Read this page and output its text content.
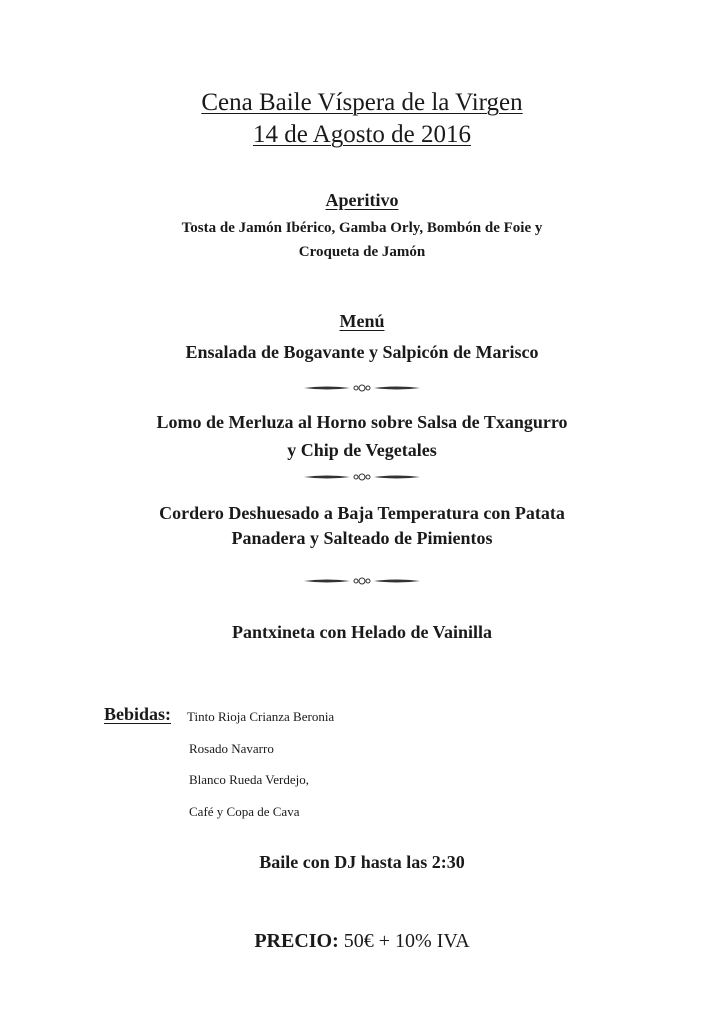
Cena Baile Víspera de la Virgen
14 de Agosto de 2016
Aperitivo
Tosta de Jamón Ibérico, Gamba Orly, Bombón de Foie y
Croqueta de Jamón
Menú
Ensalada de Bogavante y Salpicón de Marisco
Lomo de Merluza al Horno sobre Salsa de Txangurro
y Chip de Vegetales
Cordero Deshuesado a Baja Temperatura con Patata
Panadera y Salteado de Pimientos
Pantxineta con Helado de Vainilla
Bebidas: Tinto Rioja Crianza Beronia
Rosado Navarro
Blanco Rueda Verdejo,
Café y Copa de Cava
Baile con DJ hasta las 2:30
PRECIO: 50€ + 10% IVA
